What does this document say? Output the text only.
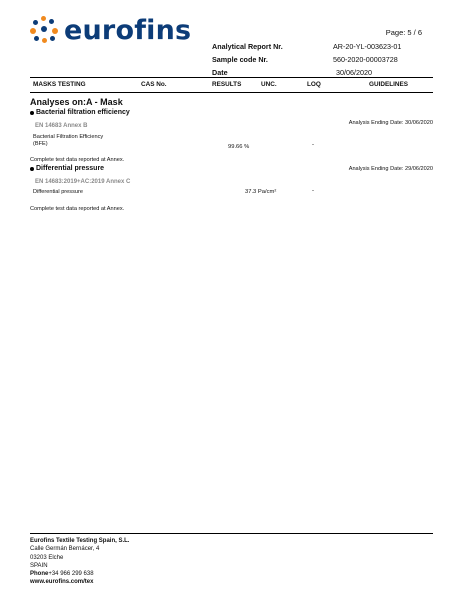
eurofins	Page: 5 / 6
Analytical Report Nr.	AR-20-YL-003623-01
Sample code Nr.	560-2020-00003728
Date	30/06/2020
MASKS TESTING	CAS No.	RESULTS	UNC.	LOQ	GUIDELINES
Analyses on:A - Mask
Bacterial filtration efficiency
Analysis Ending Date: 30/06/2020
EN 14683 Annex B
Bacterial Filtration Efficiency
(BFE)	99.66 %	-
Complete test data reported at Annex.
Differential pressure	Analysis Ending Date: 29/06/2020
EN 14683:2019+AC:2019 Annex C
Differential pressure	37.3 Pa/cm²	-
Complete test data reported at Annex.
Eurofins Textile Testing Spain, S.L.
Calle Germán Bernácer, 4
03203 Elche
SPAIN
Phone+34 966 299 638
www.eurofins.com/tex
